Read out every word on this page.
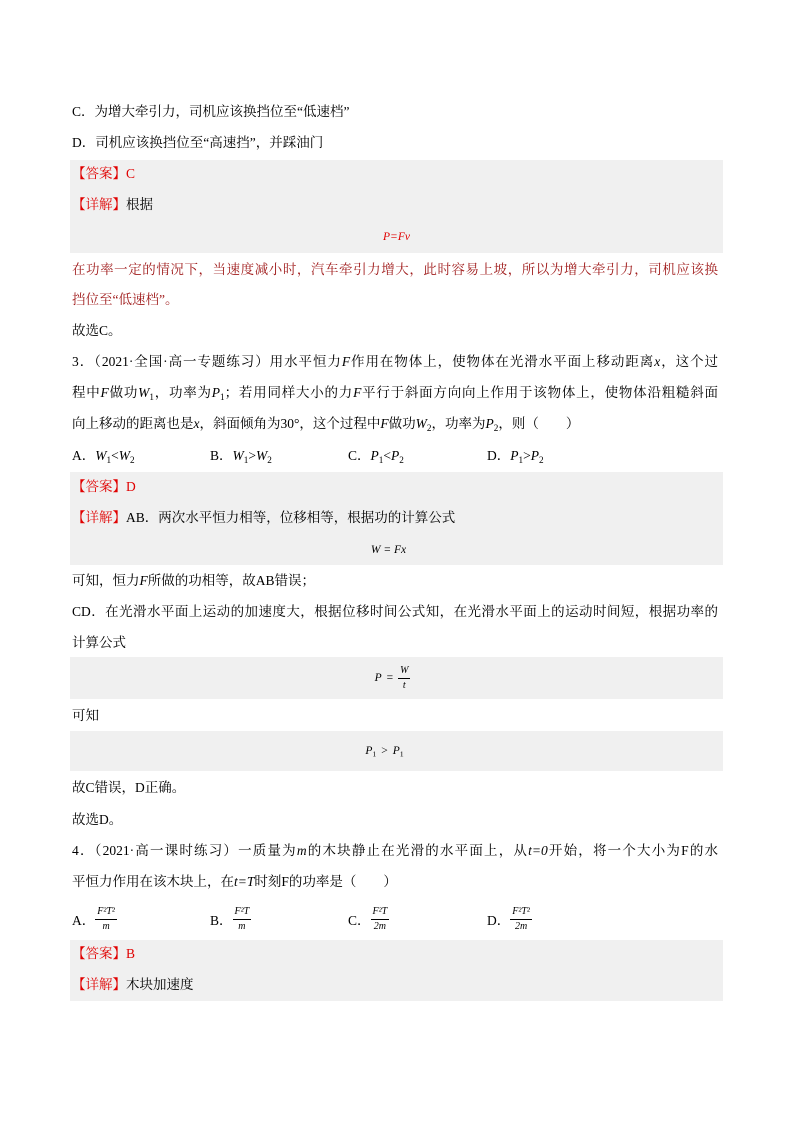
C．为增大牵引力，司机应该换挡位至“低速档”
D．司机应该换挡位至“高速挡”，并踩油门
【答案】C
【详解】根据
P=Fv
在功率一定的情况下，当速度减小时，汽车牵引力增大，此时容易上坡，所以为增大牵引力，司机应该换
挡位至“低速档”。
故选C。
3．（2021·全国·高一专题练习）用水平恒力F作用在物体上，使物体在光滑水平面上移动距离x，这个过
程中F做功$W_1$，功率为$P_1$；若用同样大小的力F平行于斜面方向向上作用于该物体上，使物体沿粗糙斜面
向上移动的距离也是x，斜面倾角为30°，这个过程中F做功$W_2$，功率为$P_2$，则（　　）
A．$W_1<W_2$	B．$W_1>W_2$	C．$P_1<P_2$	D．$P_1>P_2$
【答案】D
【详解】AB．两次水平恒力相等，位移相等，根据功的计算公式
W = Fx
可知，恒力F所做的功相等，故AB错误；
CD．在光滑水平面上运动的加速度大，根据位移时间公式知，在光滑水平面上的运动时间短，根据功率的
计算公式
$P = \frac{W}{t}$
可知
$P_1 > P_1$
故C错误，D正确。
故选D。
4．（2021·高一课时练习）一质量为m的木块静止在光滑的水平面上，从t=0开始，将一个大小为F的水
平恒力作用在该木块上，在t=T时刻F的功率是（　　）
A． $\frac{\text{F²T²}}{m}$	B． $\frac{\text{F²T}}{m}$	C． $\frac{\text{F²T}}{2m}$	D． $\frac{\text{F²T²}}{2m}$
【答案】B
【详解】木块加速度
